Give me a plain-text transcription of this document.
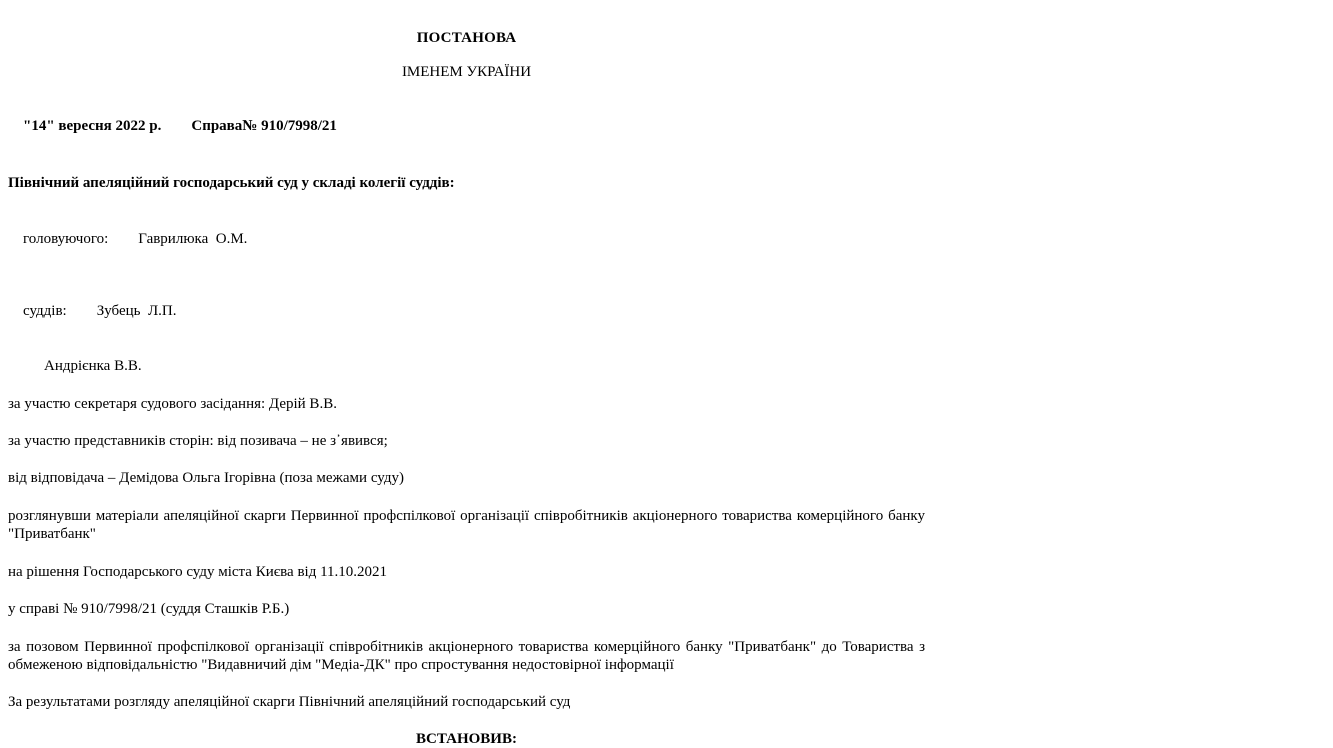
ПОСТАНОВА
ІМЕНЕМ УКРАЇНИ

"14" вересня 2022 р. Справа№ 910/7998/21

Північний апеляційний господарський суд у складі колегії суддів:

головуючого: Гаврилюка  О.М.

суддів: Зубець  Л.П.

Андрієнка В.В.
за участю секретаря судового засідання: Дерій В.В.
за участю представників сторін: від позивача – не з᾿явився;
від відповідача – Демідова Ольга Ігорівна (поза межами суду)
розглянувши матеріали апеляційної скарги Первинної профспілкової організації співробітників акціонерного товариства комерційного банку "Приватбанк"
на рішення Господарського суду міста Києва від 11.10.2021
у справі № 910/7998/21 (суддя Сташків Р.Б.)
за позовом Первинної профспілкової організації співробітників акціонерного товариства комерційного банку "Приватбанк" до Товариства з обмеженою відповідальністю "Видавничий дім "Медіа-ДК" про спростування недостовірної інформації
За результатами розгляду апеляційної скарги Північний апеляційний господарський суд
ВСТАНОВИВ:
